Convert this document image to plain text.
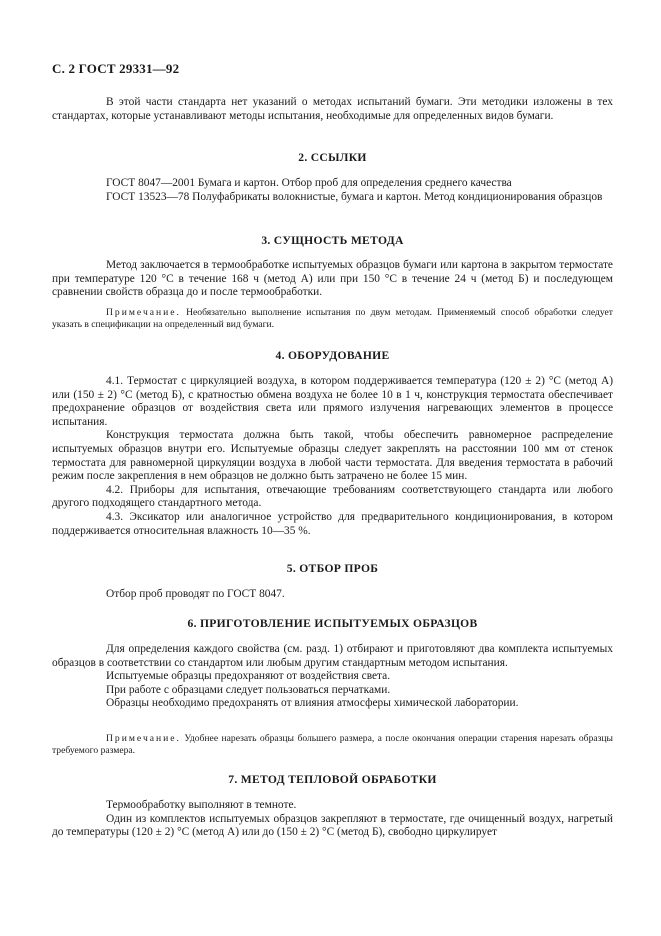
С. 2 ГОСТ 29331—92

В этой части стандарта нет указаний о методах испытаний бумаги. Эти методики изложены в тех стандартах, которые устанавливают методы испытания, необходимые для определенных видов бумаги.

2. ССЫЛКИ

ГОСТ 8047—2001 Бумага и картон. Отбор проб для определения среднего качества

ГОСТ 13523—78 Полуфабрикаты волокнистые, бумага и картон. Метод кондиционирования образцов

3. СУЩНОСТЬ МЕТОДА

Метод заключается в термообработке испытуемых образцов бумаги или картона в закрытом термостате при температуре 120 °С в течение 168 ч (метод А) или при 150 °С в течение 24 ч (метод Б) и последующем сравнении свойств образца до и после термообработки.

Примечание. Необязательно выполнение испытания по двум методам. Применяемый способ обработки следует указать в спецификации на определенный вид бумаги.

4. ОБОРУДОВАНИЕ

4.1. Термостат с циркуляцией воздуха, в котором поддерживается температура (120 ± 2) °С (метод А) или (150 ± 2) °С (метод Б), с кратностью обмена воздуха не более 10 в 1 ч, конструкция термостата обеспечивает предохранение образцов от воздействия света или прямого излучения нагревающих элементов в процессе испытания.

Конструкция термостата должна быть такой, чтобы обеспечить равномерное распределение испытуемых образцов внутри его. Испытуемые образцы следует закреплять на расстоянии 100 мм от стенок термостата для равномерной циркуляции воздуха в любой части термостата. Для введения термостата в рабочий режим после закрепления в нем образцов не должно быть затрачено не более 15 мин.

4.2. Приборы для испытания, отвечающие требованиям соответствующего стандарта или любого другого подходящего стандартного метода.

4.3. Эксикатор или аналогичное устройство для предварительного кондиционирования, в котором поддерживается относительная влажность 10—35 %.

5. ОТБОР ПРОБ

Отбор проб проводят по ГОСТ 8047.

6. ПРИГОТОВЛЕНИЕ ИСПЫТУЕМЫХ ОБРАЗЦОВ

Для определения каждого свойства (см. разд. 1) отбирают и приготовляют два комплекта испытуемых образцов в соответствии со стандартом или любым другим стандартным методом испытания.

Испытуемые образцы предохраняют от воздействия света.

При работе с образцами следует пользоваться перчатками.

Образцы необходимо предохранять от влияния атмосферы химической лаборатории.

Примечание. Удобнее нарезать образцы большего размера, а после окончания операции старения нарезать образцы требуемого размера.

7. МЕТОД ТЕПЛОВОЙ ОБРАБОТКИ

Термообработку выполняют в темноте.

Один из комплектов испытуемых образцов закрепляют в термостате, где очищенный воздух, нагретый до температуры (120 ± 2) °С (метод А) или до (150 ± 2) °С (метод Б), свободно циркулирует
